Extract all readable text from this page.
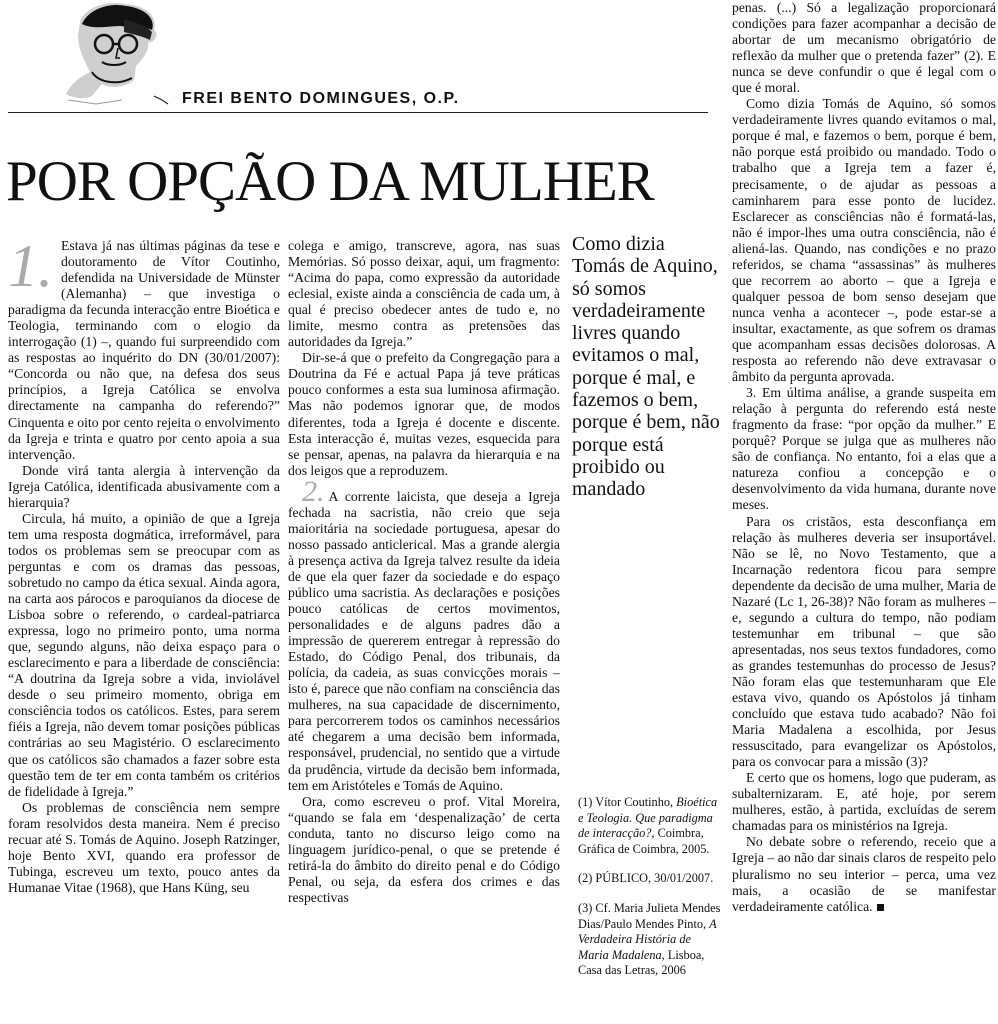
FREI BENTO DOMINGUES, O.P.
POR OPÇÃO DA MULHER
1. Estava já nas últimas páginas da tese e doutoramento de Vítor Coutinho, defendida na Universidade de Münster (Alemanha) – que investiga o paradigma da fecunda interacção entre Bioética e Teologia, terminando com o elogio da interrogação (1) –, quando fui surpreendido com as respostas ao inquérito do DN (30/01/2007): “Concorda ou não que, na defesa dos seus princípios, a Igreja Católica se envolva directamente na campanha do referendo?” Cinquenta e oito por cento rejeita o envolvimento da Igreja e trinta e quatro por cento apoia a sua intervenção.

Donde virá tanta alergia à intervenção da Igreja Católica, identificada abusivamente com a hierarquia?

Circula, há muito, a opinião de que a Igreja tem uma resposta dogmática, irreformável, para todos os problemas sem se preocupar com as perguntas e com os dramas das pessoas, sobretudo no campo da ética sexual. Ainda agora, na carta aos párocos e paroquianos da diocese de Lisboa sobre o referendo, o cardeal-patriarca expressa, logo no primeiro ponto, uma norma que, segundo alguns, não deixa espaço para o esclarecimento e para a liberdade de consciência: “A doutrina da Igreja sobre a vida, inviolável desde o seu primeiro momento, obriga em consciência todos os católicos. Estes, para serem fiéis a Igreja, não devem tomar posições públicas contrárias ao seu Magistério. O esclarecimento que os católicos são chamados a fazer sobre esta questão tem de ter em conta também os critérios de fidelidade à Igreja.”

Os problemas de consciência nem sempre foram resolvidos desta maneira. Nem é preciso recuar até S. Tomás de Aquino. Joseph Ratzinger, hoje Bento XVI, quando era professor de Tubinga, escreveu um texto, pouco antes da Humanae Vitae (1968), que Hans Küng, seu

colega e amigo, transcreve, agora, nas suas Memórias. Só posso deixar, aqui, um fragmento: “Acima do papa, como expressão da autoridade eclesial, existe ainda a consciência de cada um, à qual é preciso obedecer antes de tudo e, no limite, mesmo contra as pretensões das autoridades da Igreja.”

Dir-se-á que o prefeito da Congregação para a Doutrina da Fé e actual Papa já teve práticas pouco conformes a esta sua luminosa afirmação. Mas não podemos ignorar que, de modos diferentes, toda a Igreja é docente e discente. Esta interacção é, muitas vezes, esquecida para se pensar, apenas, na palavra da hierarquia e na dos leigos que a reproduzem.

2. A corrente laicista, que deseja a Igreja fechada na sacristia, não creio que seja maioritária na sociedade portuguesa, apesar do nosso passado anticlerical. Mas a grande alergia à presença activa da Igreja talvez resulte da ideia de que ela quer fazer da sociedade e do espaço público uma sacristia. As declarações e posições pouco católicas de certos movimentos, personalidades e de alguns padres dão a impressão de quererem entregar à repressão do Estado, do Código Penal, dos tribunais, da polícia, da cadeia, as suas convicções morais – isto é, parece que não confiam na consciência das mulheres, na sua capacidade de discernimento, para percorrerem todos os caminhos necessários até chegarem a uma decisão bem informada, responsável, prudencial, no sentido que a virtude da prudência, virtude da decisão bem informada, tem em Aristóteles e Tomás de Aquino.

Ora, como escreveu o prof. Vital Moreira, “quando se fala em ‘despenalização’ de certa conduta, tanto no discurso leigo como na linguagem jurídico-penal, o que se pretende é retirá-la do âmbito do direito penal e do Código Penal, ou seja, da esfera dos crimes e das respectivas

Como dizia Tomás de Aquino, só somos verdadeiramente livres quando evitamos o mal, porque é mal, e fazemos o bem, porque é bem, não porque está proibido ou mandado
(1) Vítor Coutinho, Bioética e Teologia. Que paradigma de interacção?, Coimbra, Gráfica de Coimbra, 2005.
(2) PÚBLICO, 30/01/2007.
(3) Cf. Maria Julieta Mendes Dias/Paulo Mendes Pinto, A Verdadeira História de Maria Madalena, Lisboa, Casa das Letras, 2006

penas. (...) Só a legalização proporcionará condições para fazer acompanhar a decisão de abortar de um mecanismo obrigatório de reflexão da mulher que o pretenda fazer” (2). E nunca se deve confundir o que é legal com o que é moral.

Como dizia Tomás de Aquino, só somos verdadeiramente livres quando evitamos o mal, porque é mal, e fazemos o bem, porque é bem, não porque está proibido ou mandado. Todo o trabalho que a Igreja tem a fazer é, precisamente, o de ajudar as pessoas a caminharem para esse ponto de lucidez. Esclarecer as consciências não é formatá-las, não é impor-lhes uma outra consciência, não é aliená-las. Quando, nas condições e no prazo referidos, se chama “assassinas” às mulheres que recorrem ao aborto – que a Igreja e qualquer pessoa de bom senso desejam que nunca venha a acontecer –, pode estar-se a insultar, exactamente, as que sofrem os dramas que acompanham essas decisões dolorosas. A resposta ao referendo não deve extravasar o âmbito da pergunta aprovada.

3. Em última análise, a grande suspeita em relação à pergunta do referendo está neste fragmento da frase: “por opção da mulher.” E porquê? Porque se julga que as mulheres não são de confiança. No entanto, foi a elas que a natureza confiou a concepção e o desenvolvimento da vida humana, durante nove meses.

Para os cristãos, esta desconfiança em relação às mulheres deveria ser insuportável. Não se lê, no Novo Testamento, que a Incarnação redentora ficou para sempre dependente da decisão de uma mulher, Maria de Nazaré (Lc 1, 26-38)? Não foram as mulheres – e, segundo a cultura do tempo, não podiam testemunhar em tribunal – que são apresentadas, nos seus textos fundadores, como as grandes testemunhas do processo de Jesus? Não foram elas que testemunharam que Ele estava vivo, quando os Apóstolos já tinham concluído que estava tudo acabado? Não foi Maria Madalena a escolhida, por Jesus ressuscitado, para evangelizar os Apóstolos, para os convocar para a missão (3)?

E certo que os homens, logo que puderam, as subalternizaram. E, até hoje, por serem mulheres, estão, à partida, excluídas de serem chamadas para os ministérios na Igreja.

No debate sobre o referendo, receio que a Igreja – ao não dar sinais claros de respeito pelo pluralismo no seu interior – perca, uma vez mais, a ocasião de se manifestar verdadeiramente católica.
